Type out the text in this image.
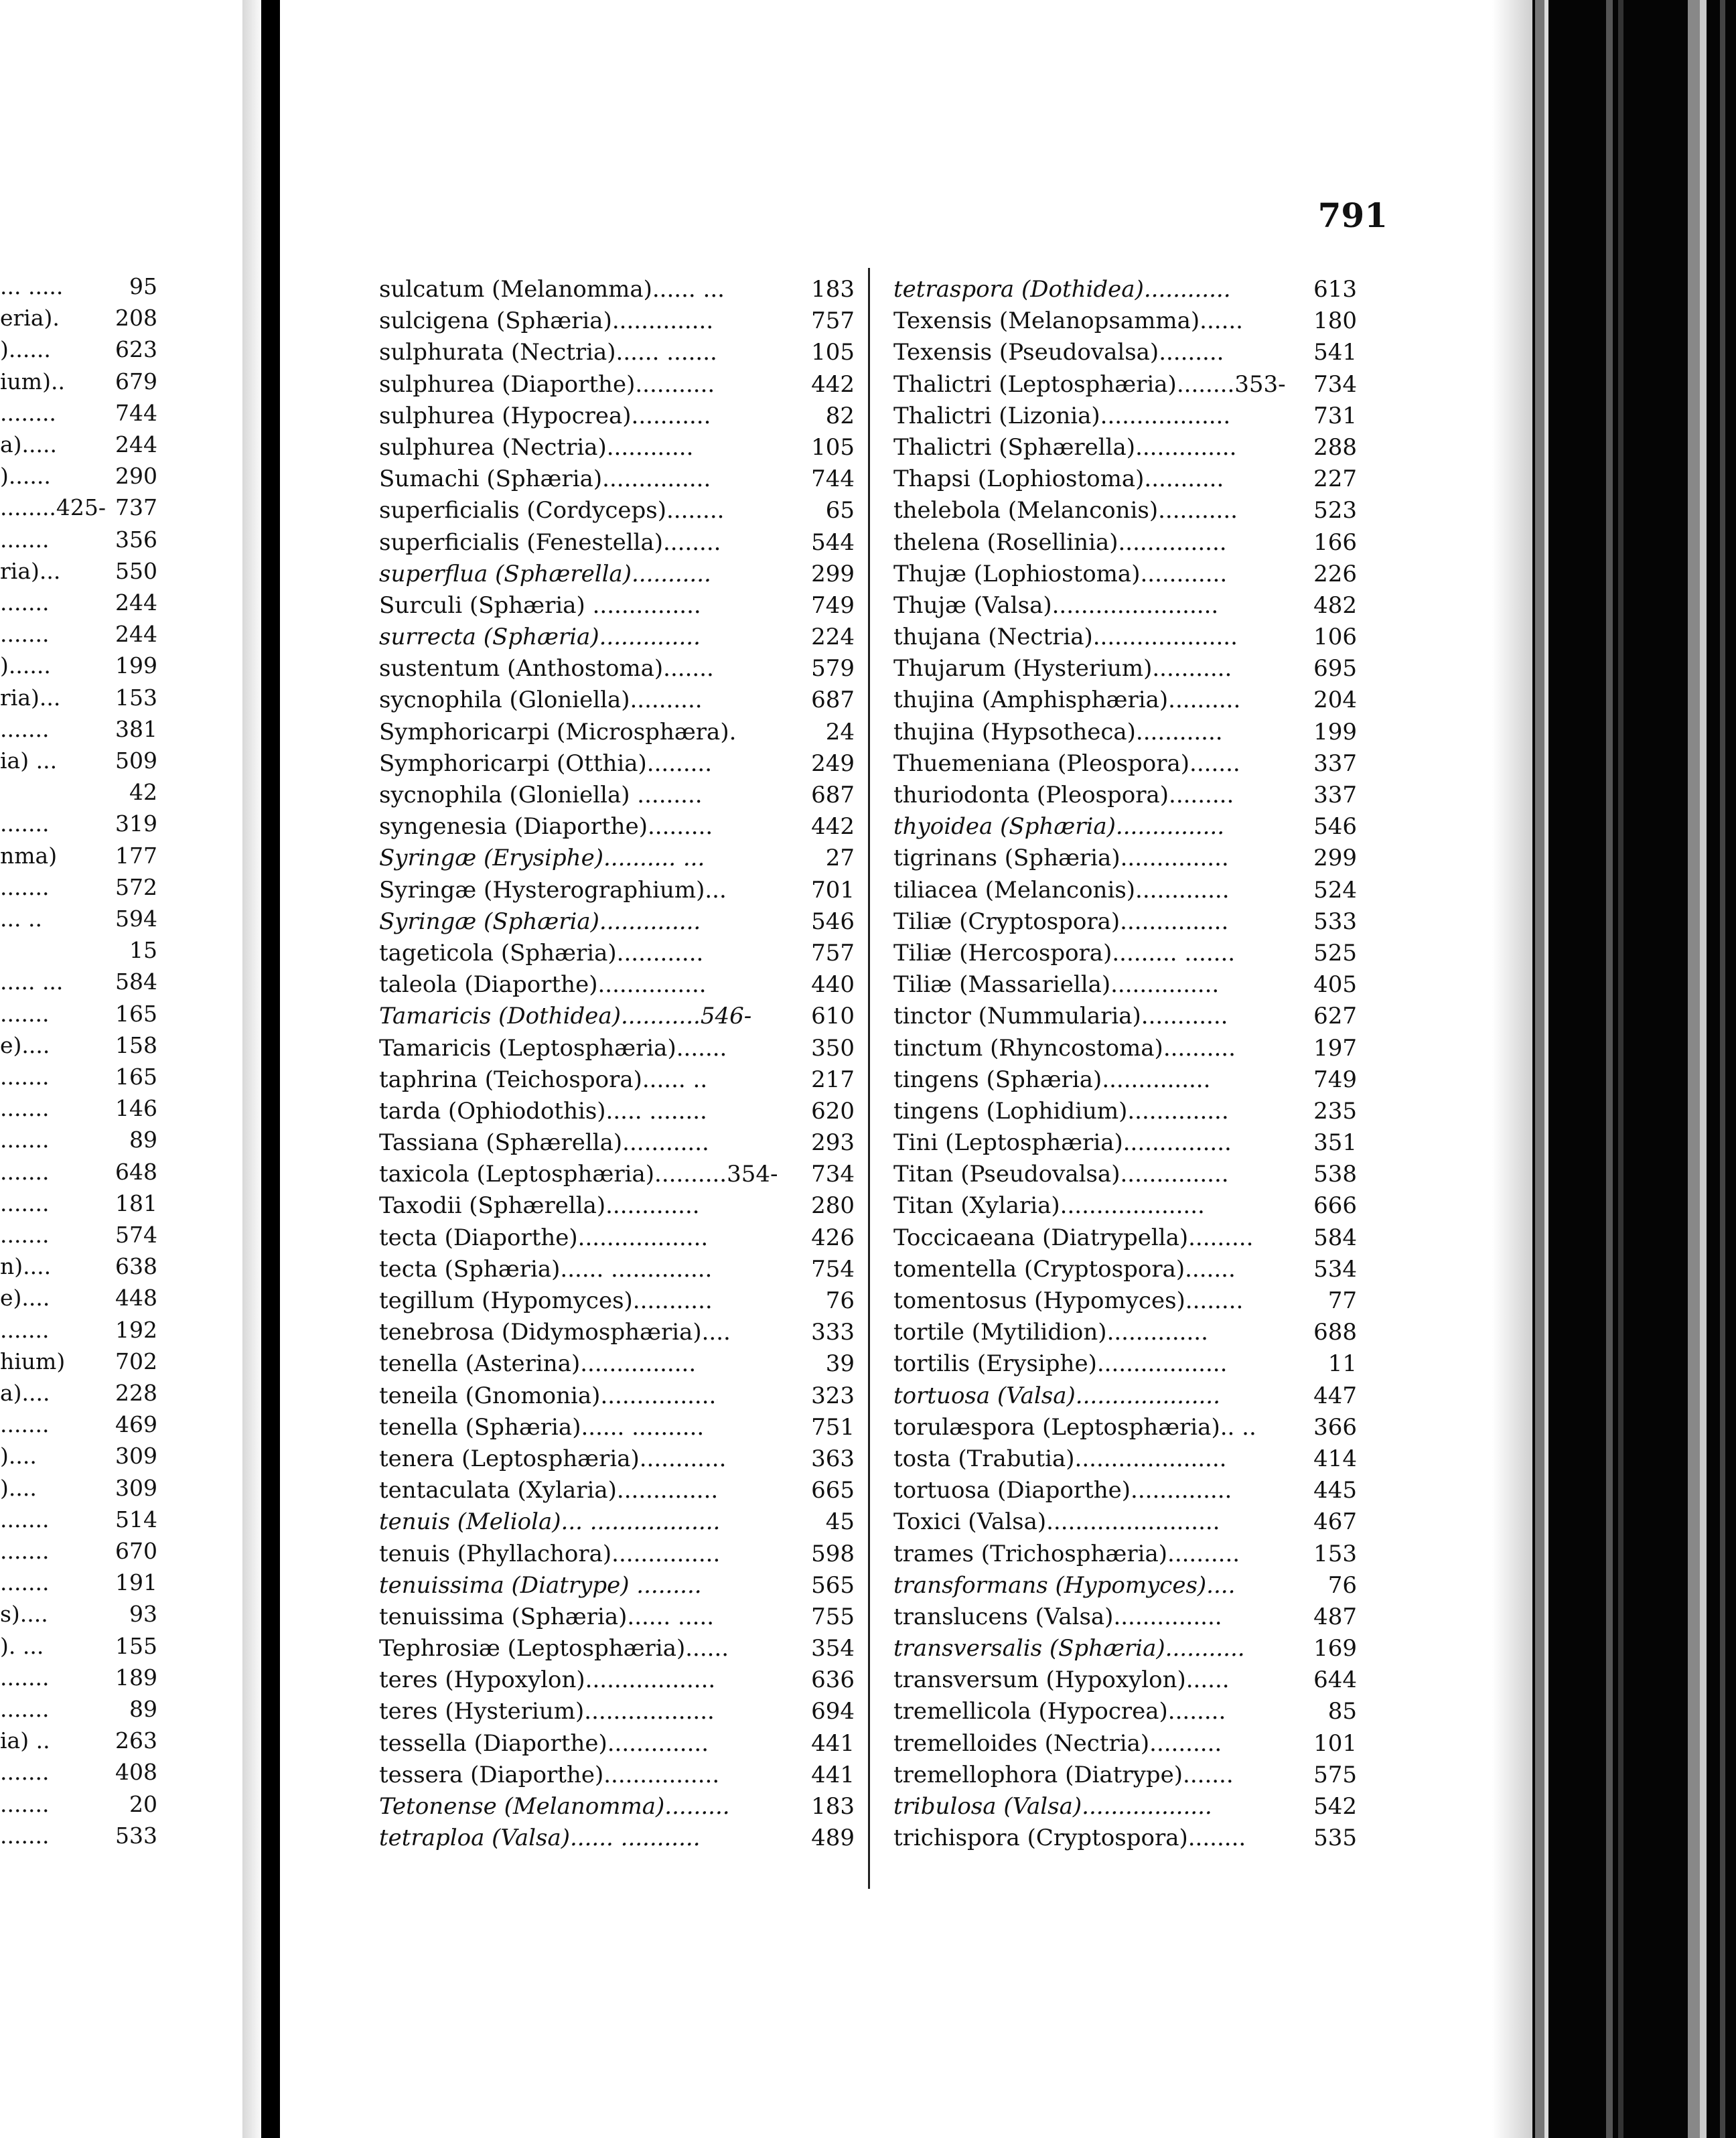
... .....	95
eria).	208
)......	623
ium).. 679
........	744
a).....	244
)......	290
........425- 737
.......	356
ria)... 550
.......	244
.......	244
)......	199
ria)... 153
.......	381
ia) ...	509
42
.......	319
nma)	177
.......	572
... ..	594
15
..... ... 584
.......	165
e)....	158
.......	165
.......	146
.......	89
.......	648
.......	181
.......	574
n)....	638
e)....	448
.......	192
hium) 702
a)....	228
.......	469
)....	309
)....	309
.......	514
.......	670
.......	191
s)....	93
). ...	155
.......	189
.......	89
ia) ..	263
.......	408
.......	20
.......	533
791
sulcatum (Melanomma)...... ...	183
sulcigena (Sphæria)..............	757
sulphurata (Nectria)...... .......	105
sulphurea (Diaporthe)...........	442
sulphurea (Hypocrea)...........	82
sulphurea (Nectria)............	105
Sumachi (Sphæria)...............	744
superficialis (Cordyceps)........	65
superficialis (Fenestella)........	544
superflua (Sphærella)...........	299
Surculi (Sphæria) ...............	749
surrecta (Sphæria)..............	224
sustentum (Anthostoma).......	579
sycnophila (Gloniella)..........	687
Symphoricarpi (Microsphæra).	24
Symphoricarpi (Otthia).........	249
sycnophila (Gloniella) .........	687
syngenesia (Diaporthe).........	442
Syringæ (Erysiphe).......... ...	27
Syringæ (Hysterographium)...	701
Syringæ (Sphæria)..............	546
tageticola (Sphæria)............	757
taleola (Diaporthe)...............	440
Tamaricis (Dothidea)...........546-	610
Tamaricis (Leptosphæria).......	350
taphrina (Teichospora)...... ..	217
tarda (Ophiodothis)..... ........	620
Tassiana (Sphærella)............	293
taxicola (Leptosphæria)..........354- 734
Taxodii (Sphærella).............	280
tecta (Diaporthe)..................	426
tecta (Sphæria)...... ..............	754
tegillum (Hypomyces)...........	76
tenebrosa (Didymosphæria)....	333
tenella (Asterina)................	39
teneila (Gnomonia)................	323
tenella (Sphæria)...... ..........	751
tenera (Leptosphæria)............	363
tentaculata (Xylaria)..............	665
tenuis (Meliola)... ..................	45
tenuis (Phyllachora)...............	598
tenuissima (Diatrype) .........	565
tenuissima (Sphæria)...... .....	755
Tephrosiæ (Leptosphæria)......	354
teres (Hypoxylon)..................	636
teres (Hysterium)..................	694
tessella (Diaporthe)..............	441
tessera (Diaporthe)................	441
Tetonense (Melanomma).........	183
tetraploa (Valsa)...... ...........	489
tetraspora (Dothidea)............	613
Texensis (Melanopsamma)......	180
Texensis (Pseudovalsa).........	541
Thalictri (Leptosphæria)........353- 734
Thalictri (Lizonia)..................	731
Thalictri (Sphærella)..............	288
Thapsi (Lophiostoma)...........	227
thelebola (Melanconis)...........	523
thelena (Rosellinia)...............	166
Thujæ (Lophiostoma)............	226
Thujæ (Valsa).......................	482
thujana (Nectria)....................	106
Thujarum (Hysterium)...........	695
thujina (Amphisphæria)..........	204
thujina (Hypsotheca)............	199
Thuemeniana (Pleospora).......	337
thuriodonta (Pleospora).........	337
thyoidea (Sphæria)...............	546
tigrinans (Sphæria)...............	299
tiliacea (Melanconis).............	524
Tiliæ (Cryptospora)...............	533
Tiliæ (Hercospora)......... .......	525
Tiliæ (Massariella)...............	405
tinctor (Nummularia)............	627
tinctum (Rhyncostoma)..........	197
tingens (Sphæria)...............	749
tingens (Lophidium)..............	235
Tini (Leptosphæria)...............	351
Titan (Pseudovalsa)...............	538
Titan (Xylaria)....................	666
Toccicaeana (Diatrypella).........	584
tomentella (Cryptospora).......	534
tomentosus (Hypomyces)........	77
tortile (Mytilidion)..............	688
tortilis (Erysiphe)..................	11
tortuosa (Valsa)....................	447
torulæspora (Leptosphæria).. ..	366
tosta (Trabutia).....................	414
tortuosa (Diaporthe)..............	445
Toxici (Valsa)........................	467
trames (Trichosphæria)..........	153
transformans (Hypomyces)....	76
translucens (Valsa)...............	487
transversalis (Sphæria)...........	169
transversum (Hypoxylon)......	644
tremellicola (Hypocrea)........	85
tremelloides (Nectria)..........	101
tremellophora (Diatrype).......	575
tribulosa (Valsa)..................	542
trichispora (Cryptospora)........	535
